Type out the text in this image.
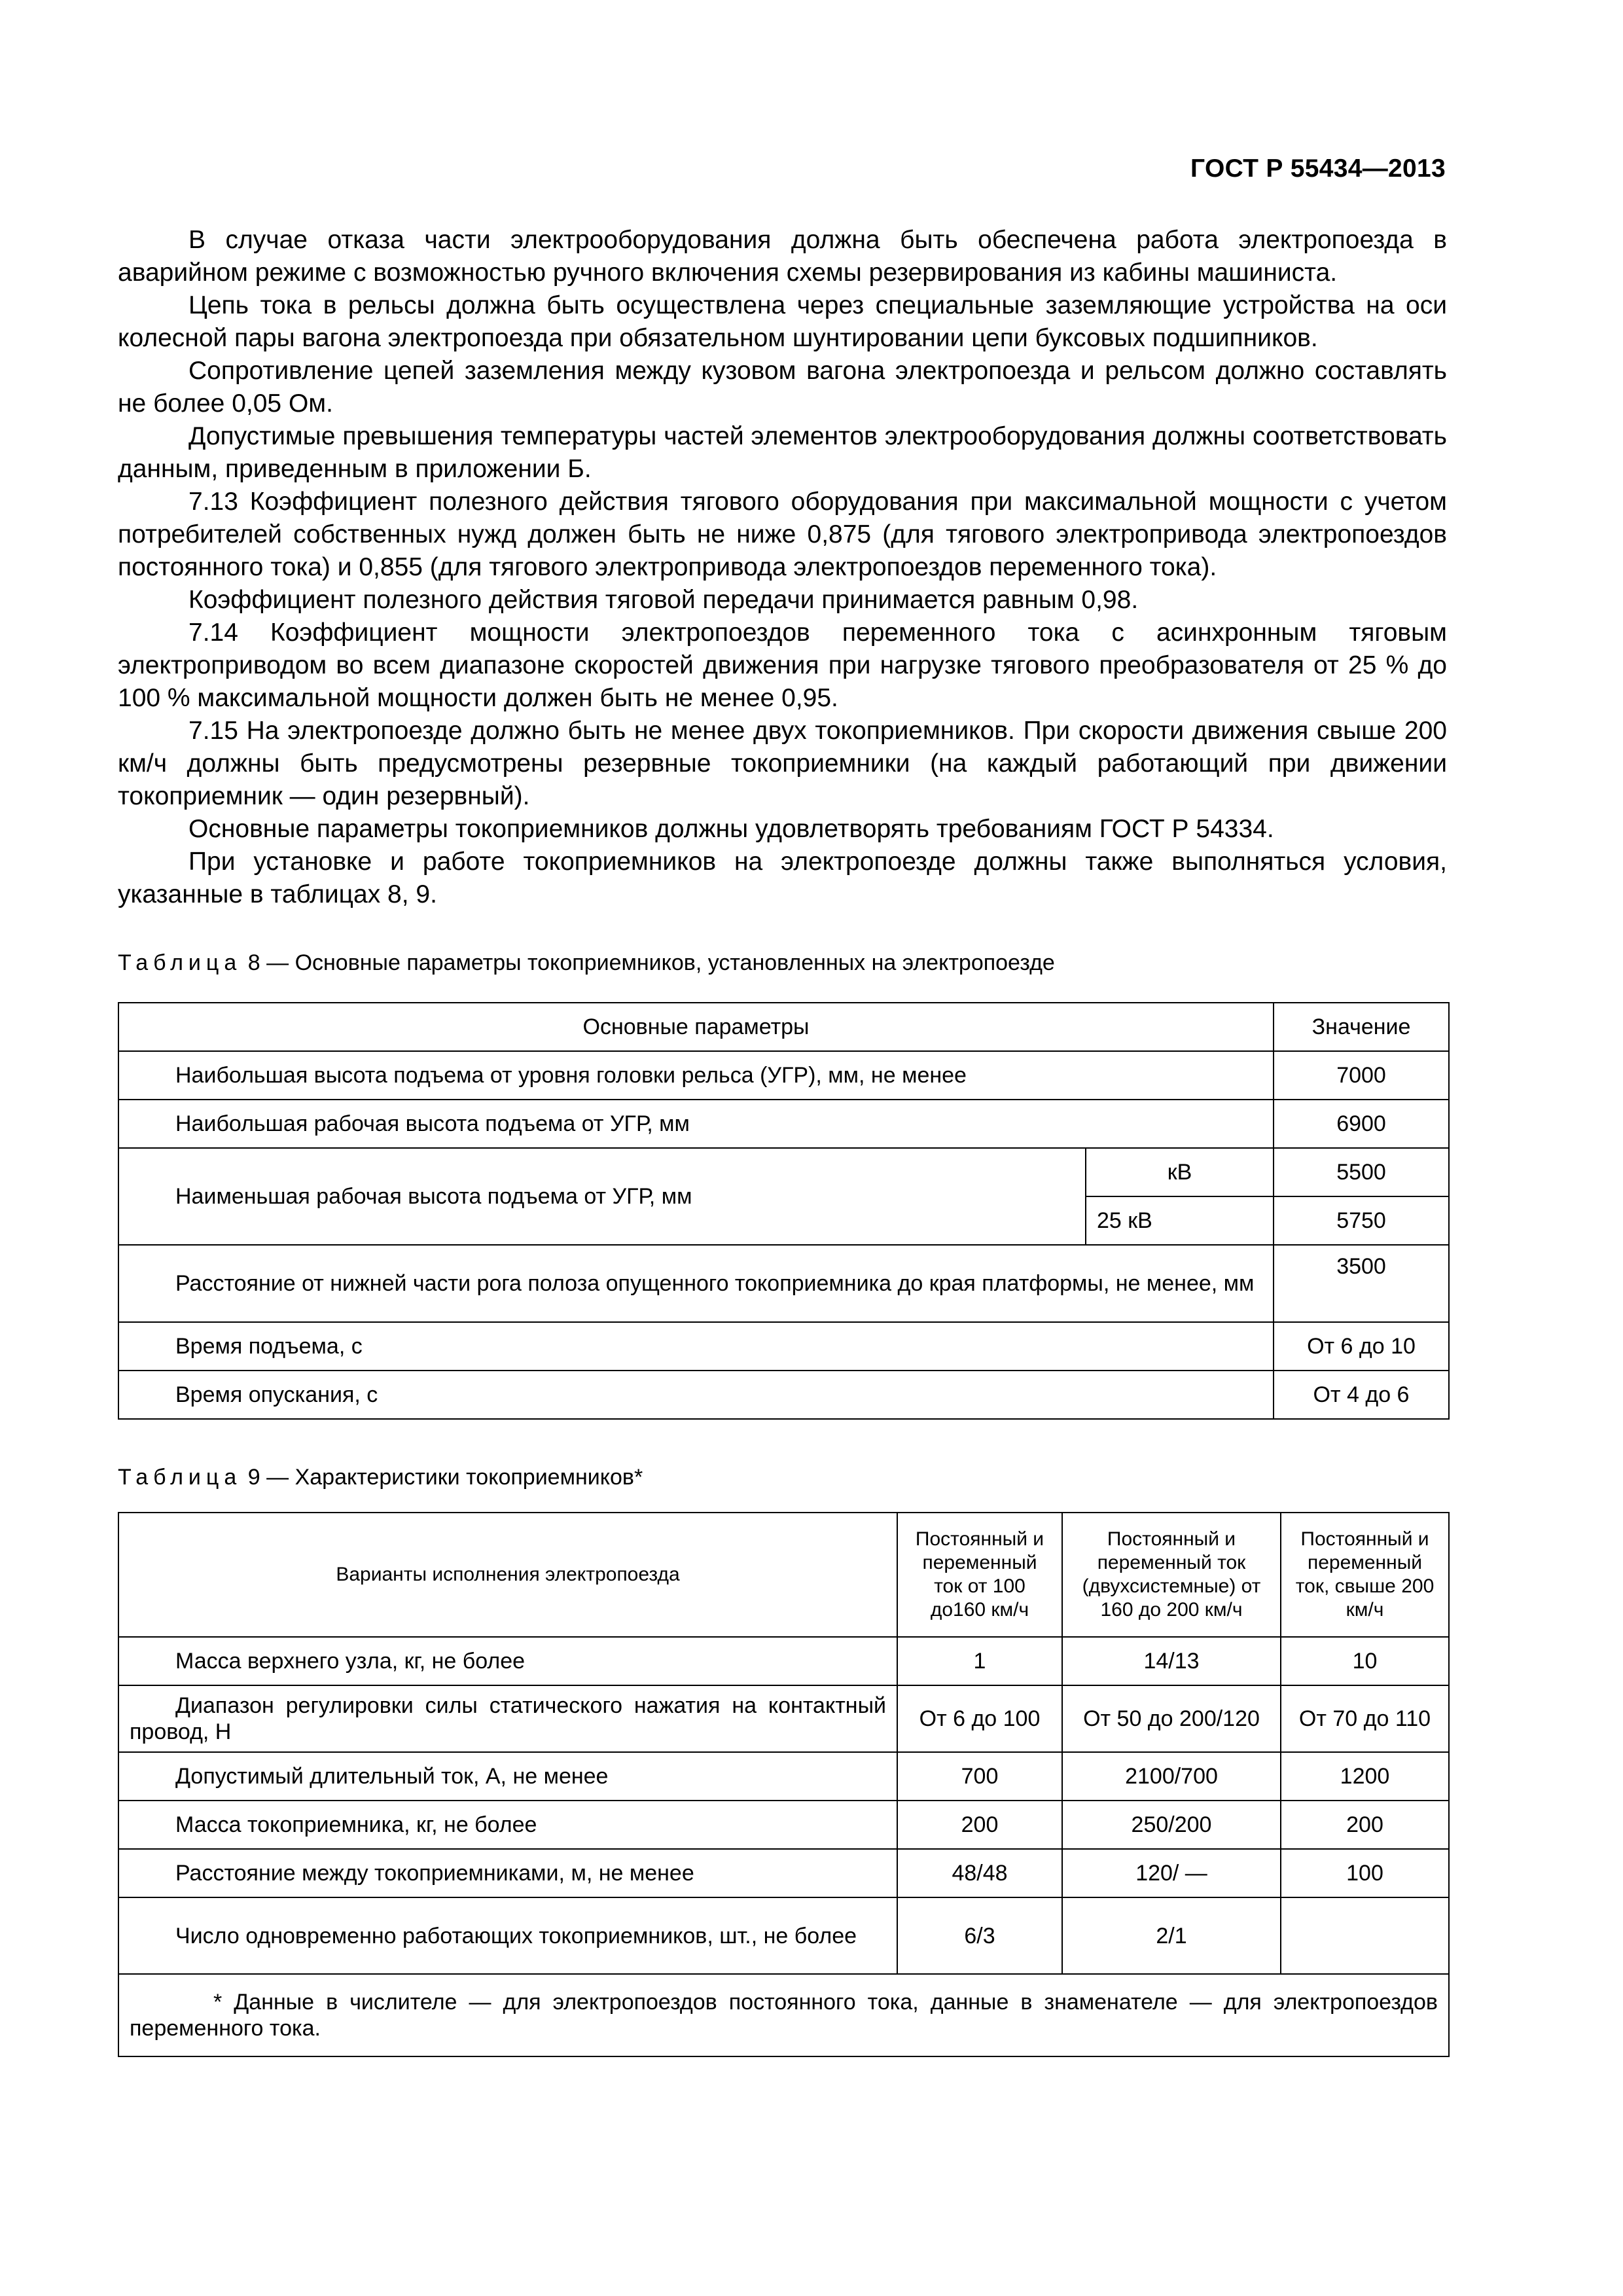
ГОСТ Р 55434—2013

В случае отказа части электрооборудования должна быть обеспечена работа электропоезда в аварийном режиме с возможностью ручного включения схемы резервирования из кабины машиниста.

Цепь тока в рельсы должна быть осуществлена через специальные заземляющие устройства на оси колесной пары вагона электропоезда при обязательном шунтировании цепи буксовых подшипников.

Сопротивление цепей заземления между кузовом вагона электропоезда и рельсом должно составлять не более 0,05 Ом.

Допустимые превышения температуры частей элементов электрооборудования должны соответствовать данным, приведенным в приложении Б.

7.13 Коэффициент полезного действия тягового оборудования при максимальной мощности с учетом потребителей собственных нужд должен быть не ниже 0,875 (для тягового электропривода электропоездов постоянного тока) и 0,855 (для тягового электропривода электропоездов переменного тока).

Коэффициент полезного действия тяговой передачи принимается равным 0,98.

7.14 Коэффициент мощности электропоездов переменного тока с асинхронным тяговым электроприводом во всем диапазоне скоростей движения при нагрузке тягового преобразователя от 25 % до 100 % максимальной мощности должен быть не менее 0,95.

7.15 На электропоезде должно быть не менее двух токоприемников. При скорости движения свыше 200 км/ч должны быть предусмотрены резервные токоприемники (на каждый работающий при движении токоприемник — один резервный).

Основные параметры токоприемников должны удовлетворять требованиям ГОСТ Р 54334.

При установке и работе токоприемников на электропоезде должны также выполняться условия, указанные в таблицах 8, 9.

Таблица 8 — Основные параметры токоприемников, установленных на электропоезде
Основные параметры		Значение
Наибольшая высота подъема от уровня головки рельса (УГР), мм, не менее		7000
Наибольшая рабочая высота подъема от УГР, мм		6900
Наименьшая рабочая высота подъема от УГР, мм	кВ	5500
	25 кВ	5750
Расстояние от нижней части рога полоза опущенного токоприемника до края платформы, не менее, мм		3500
Время подъема, с		От 6 до 10
Время опускания, с		От 4 до 6
Таблица 9 — Характеристики токоприемников*
Варианты исполнения электропоезда	Постоянный и переменный ток от 100 до160 км/ч	Постоянный и переменный ток (двухсистемные) от 160 до 200 км/ч	Постоянный и переменный ток, свыше 200 км/ч
Масса верхнего узла, кг, не более	1	14/13	10
Диапазон регулировки силы статического нажатия на контактный провод, Н	От 6 до 100	От 50 до 200/120	От 70 до 110
Допустимый длительный ток, А, не менее	700	2100/700	1200
Масса токоприемника, кг, не более	200	250/200	200
Расстояние между токоприемниками, м, не менее	48/48	120/ —	100
Число одновременно работающих токоприемников, шт., не более	6/3	2/1	
* Данные в числителе — для электропоездов постоянного тока, данные в знаменателе — для электропоездов переменного тока.			
